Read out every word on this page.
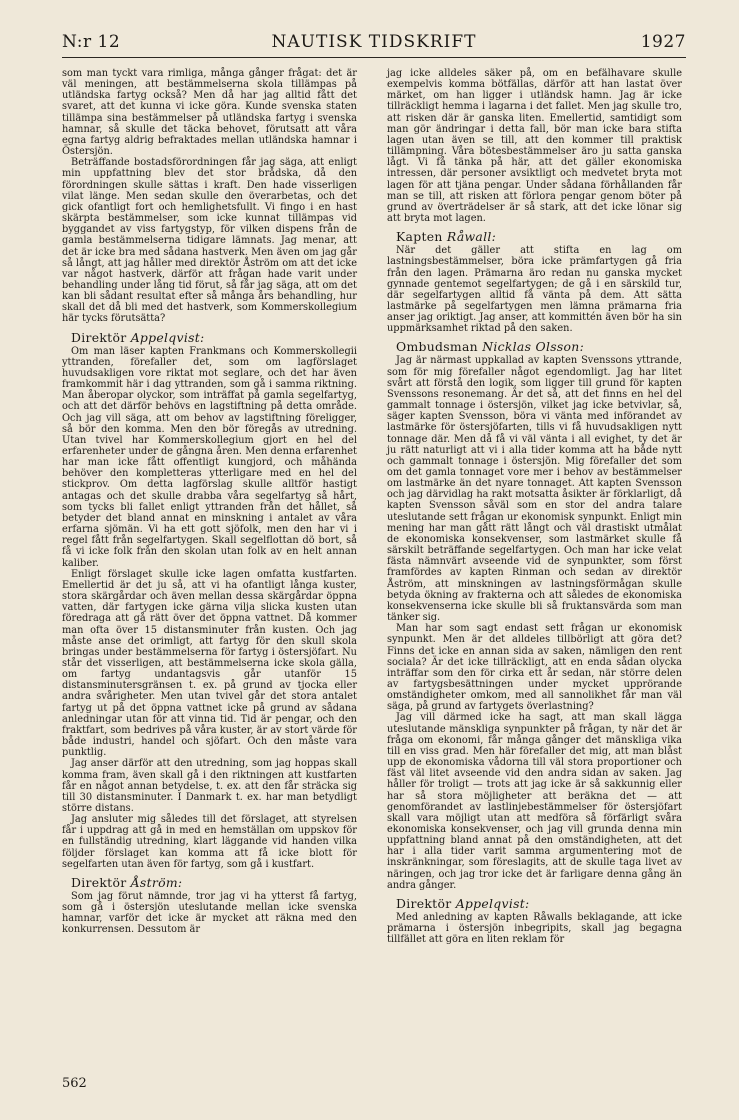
N:r 12	NAUTISK TIDSKRIFT	1927

som man tyckt vara rimliga, många gånger frågat: det är väl meningen, att bestämmelserna skola tillämpas på utländska fartyg också? Men då har jag alltid fått det svaret, att det kunna vi icke göra. Kunde svenska staten tillämpa sina bestämmelser på utländska fartyg i svenska hamnar, så skulle det täcka behovet, förutsatt att våra egna fartyg aldrig befraktades mellan utländska hamnar i Östersjön.

Beträffande bostadsförordningen får jag säga, att enligt min uppfattning blev det stor brådska, då den förordningen skulle sättas i kraft. Den hade visserligen vilat länge. Men sedan skulle den överarbetas, och det gick ofantligt fort och hemlighetsfullt. Vi fingo i en hast skärpta bestämmelser, som icke kunnat tillämpas vid byggandet av viss fartygstyp, för vilken dispens från de gamla bestämmelserna tidigare lämnats. Jag menar, att det är icke bra med sådana hastverk. Men även om jag går så långt, att jag håller med direktör Åström om att det icke var något hastverk, därför att frågan hade varit under behandling under lång tid förut, så får jag säga, att om det kan bli sådant resultat efter så många års behandling, hur skall det då bli med det hastverk, som Kommerskollegium här tycks förutsätta?

Direktör Appelqvist:

Om man läser kapten Frankmans och Kommerskollegii yttranden, förefaller det, som om lagförslaget huvudsakligen vore riktat mot seglare, och det har även framkommit här i dag yttranden, som gå i samma riktning. Man åberopar olyckor, som inträffat på gamla segelfartyg, och att det därför behövs en lagstiftning på detta område. Och jag vill säga, att om behov av lagstiftning föreligger, så bör den komma. Men den bör föregås av utredning. Utan tvivel har Kommerskollegium gjort en hel del erfarenheter under de gångna åren. Men denna erfarenhet har man icke fått offentligt kungjord, och måhända behöver den kompletteras ytterligare med en hel del stickprov. Om detta lagförslag skulle alltför hastigt antagas och det skulle drabba våra segelfartyg så hårt, som tycks bli fallet enligt yttranden från det hållet, så betyder det bland annat en minskning i antalet av våra erfarna sjömän. Vi ha ett gott sjöfolk, men den har vi i regel fått från segelfartygen. Skall segelflottan dö bort, så få vi icke folk från den skolan utan folk av en helt annan kaliber.

Enligt förslaget skulle icke lagen omfatta kustfarten. Emellertid är det ju så, att vi ha ofantligt långa kuster, stora skärgårdar och även mellan dessa skärgårdar öppna vatten, där fartygen icke gärna vilja slicka kusten utan föredraga att gå rätt över det öppna vattnet. Då kommer man ofta över 15 distansminuter från kusten. Och jag måste anse det orimligt, att fartyg för den skull skola bringas under bestämmelserna för fartyg i östersjöfart. Nu står det visserligen, att bestämmelserna icke skola gälla, om fartyg undantagsvis går utanför 15 distansminutersgränsen t. ex. på grund av tjocka eller andra svårigheter. Men utan tvivel går det stora antalet fartyg ut på det öppna vattnet icke på grund av sådana anledningar utan för att vinna tid. Tid är pengar, och den fraktfart, som bedrives på våra kuster, är av stort värde för både industri, handel och sjöfart. Och den måste vara punktlig.

Jag anser därför att den utredning, som jag hoppas skall komma fram, även skall gå i den riktningen att kustfarten får en något annan betydelse, t. ex. att den får sträcka sig till 30 distansminuter. I Danmark t. ex. har man betydligt större distans.

Jag ansluter mig således till det förslaget, att styrelsen får i uppdrag att gå in med en hemställan om uppskov för en fullständig utredning, klart läggande vid handen vilka följder förslaget kan komma att få icke blott för segelfarten utan även för fartyg, som gå i kustfart.

Direktör Åström:

Som jag förut nämnde, tror jag vi ha ytterst få fartyg, som gå i östersjön uteslutande mellan icke svenska hamnar, varför det icke är mycket att räkna med den konkurrensen. Dessutom är

jag icke alldeles säker på, om en befälhavare skulle exempelvis komma bötfällas, därför att han lastat över märket, om han ligger i utländsk hamn. Jag är icke tillräckligt hemma i lagarna i det fallet. Men jag skulle tro, att risken där är ganska liten. Emellertid, samtidigt som man gör ändringar i detta fall, bör man icke bara stifta lagen utan även se till, att den kommer till praktisk tillämpning. Våra bötesbestämmelser äro ju satta ganska lågt. Vi få tänka på här, att det gäller ekonomiska intressen, där personer avsiktligt och medvetet bryta mot lagen för att tjäna pengar. Under sådana förhållanden får man se till, att risken att förlora pengar genom böter på grund av överträdelser är så stark, att det icke lönar sig att bryta mot lagen.

Kapten Råwall:

När det gäller att stifta en lag om lastningsbestämmelser, böra icke prämfartygen gå fria från den lagen. Prämarna äro redan nu ganska mycket gynnade gentemot segelfartygen; de gå i en särskild tur, där segelfartygen alltid få vänta på dem. Att sätta lastmärke på segelfartygen men lämna prämarna fria anser jag oriktigt. Jag anser, att kommittén även bör ha sin uppmärksamhet riktad på den saken.

Ombudsman Nicklas Olsson:

Jag är närmast uppkallad av kapten Svenssons yttrande, som för mig förefaller något egendomligt. Jag har litet svårt att förstå den logik, som ligger till grund för kapten Svenssons resonemang. Är det så, att det finns en hel del gammalt tonnage i östersjön, vilket jag icke betvivlar, så, säger kapten Svensson, böra vi vänta med införandet av lastmärke för östersjöfarten, tills vi få huvudsakligen nytt tonnage där. Men då få vi väl vänta i all evighet, ty det är ju rätt naturligt att vi i alla tider komma att ha både nytt och gammalt tonnage i östersjön. Mig förefaller det som om det gamla tonnaget vore mer i behov av bestämmelser om lastmärke än det nyare tonnaget. Att kapten Svensson och jag därvidlag ha rakt motsatta åsikter är förklarligt, då kapten Svensson såväl som en stor del andra talare uteslutande sett frågan ur ekonomisk synpunkt. Enligt min mening har man gått rätt långt och väl drastiskt utmålat de ekonomiska konsekvenser, som lastmärket skulle få särskilt beträffande segelfartygen. Och man har icke velat fästa nämnvärt avseende vid de synpunkter, som först framfördes av kapten Rinman och sedan av direktör Åström, att minskningen av lastningsförmågan skulle betyda ökning av frakterna och att således de ekonomiska konsekvenserna icke skulle bli så fruktansvärda som man tänker sig.

Man har som sagt endast sett frågan ur ekonomisk synpunkt. Men är det alldeles tillbörligt att göra det? Finns det icke en annan sida av saken, nämligen den rent sociala? Är det icke tillräckligt, att en enda sådan olycka inträffar som den för cirka ett år sedan, när större delen av fartygsbesättningen under mycket upprörande omständigheter omkom, med all sannolikhet får man väl säga, på grund av fartygets överlastning?

Jag vill därmed icke ha sagt, att man skall lägga uteslutande mänskliga synpunkter på frågan, ty när det är fråga om ekonomi, får många gånger det mänskliga vika till en viss grad. Men här förefaller det mig, att man blåst upp de ekonomiska vådorna till väl stora proportioner och fäst väl litet avseende vid den andra sidan av saken. Jag håller för troligt — trots att jag icke är så sakkunnig eller har så stora möjligheter att beräkna det — att genomförandet av lastlinjebestämmelser för östersjöfart skall vara möjligt utan att medföra så förfärligt svåra ekonomiska konsekvenser, och jag vill grunda denna min uppfattning bland annat på den omständigheten, att det har i alla tider varit samma argumentering mot de inskränkningar, som föreslagits, att de skulle taga livet av näringen, och jag tror icke det är farligare denna gång än andra gånger.

Direktör Appelqvist:

Med anledning av kapten Råwalls beklagande, att icke prämarna i östersjön inbegripits, skall jag begagna tillfället att göra en liten reklam för

562
